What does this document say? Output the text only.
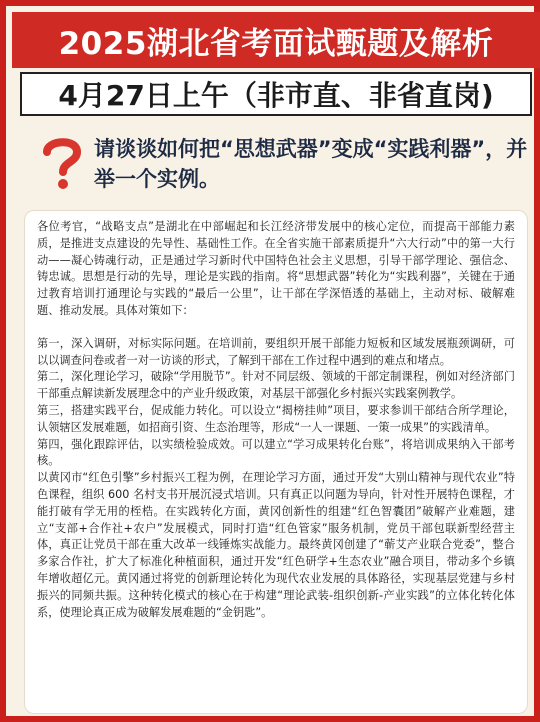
2025湖北省考面试甄题及解析
4月27日上午（非市直、非省直岗)
请谈谈如何把“思想武器”变成“实践利器”，并举一个实例。

各位考官，“战略支点”是湖北在中部崛起和长江经济带发展中的核心定位，而提高干部能力素质，是推进支点建设的先导性、基础性工作。在全省实施干部素质提升“六大行动”中的第一大行动——凝心铸魂行动，正是通过学习新时代中国特色社会主义思想，引导干部学理论、强信念、铸忠诚。思想是行动的先导，理论是实践的指南。将“思想武器”转化为“实践利器”，关键在于通过教育培训打通理论与实践的“最后一公里”，让干部在学深悟透的基础上，主动对标、破解难题、推动发展。具体对策如下：

第一，深入调研，对标实际问题。在培训前，要组织开展干部能力短板和区域发展瓶颈调研，可以以调查问卷或者一对一访谈的形式，了解到干部在工作过程中遇到的难点和堵点。

第二，深化理论学习，破除“学用脱节”。针对不同层级、领域的干部定制课程，例如对经济部门干部重点解读新发展理念中的产业升级政策，对基层干部强化乡村振兴实践案例教学。

第三，搭建实践平台，促成能力转化。可以设立“揭榜挂帅”项目，要求参训干部结合所学理论，认领辖区发展难题，如招商引资、生态治理等，形成“一人一课题、一策一成果”的实践清单。

第四，强化跟踪评估，以实绩检验成效。可以建立“学习成果转化台账”，将培训成果纳入干部考核。

以黄冈市“红色引擎”乡村振兴工程为例，在理论学习方面，通过开发“大别山精神与现代农业”特色课程，组织 600 名村支书开展沉浸式培训。只有真正以问题为导向，针对性开展特色课程，才能打破有学无用的桎梏。在实践转化方面，黄冈创新性的组建“红色智囊团”破解产业难题，建立“支部+合作社+农户”发展模式，同时打造“红色管家”服务机制，党员干部包联新型经营主体，真正让党员干部在重大改革一线锤炼实战能力。最终黄冈创建了“蕲艾产业联合党委”，整合多家合作社，扩大了标准化种植面积，通过开发“红色研学+生态农业”融合项目，带动多个乡镇年增收超亿元。黄冈通过将党的创新理论转化为现代农业发展的具体路径，实现基层党建与乡村振兴的同频共振。这种转化模式的核心在于构建“理论武装-组织创新-产业实践”的立体化转化体系，使理论真正成为破解发展难题的“金钥匙”。
